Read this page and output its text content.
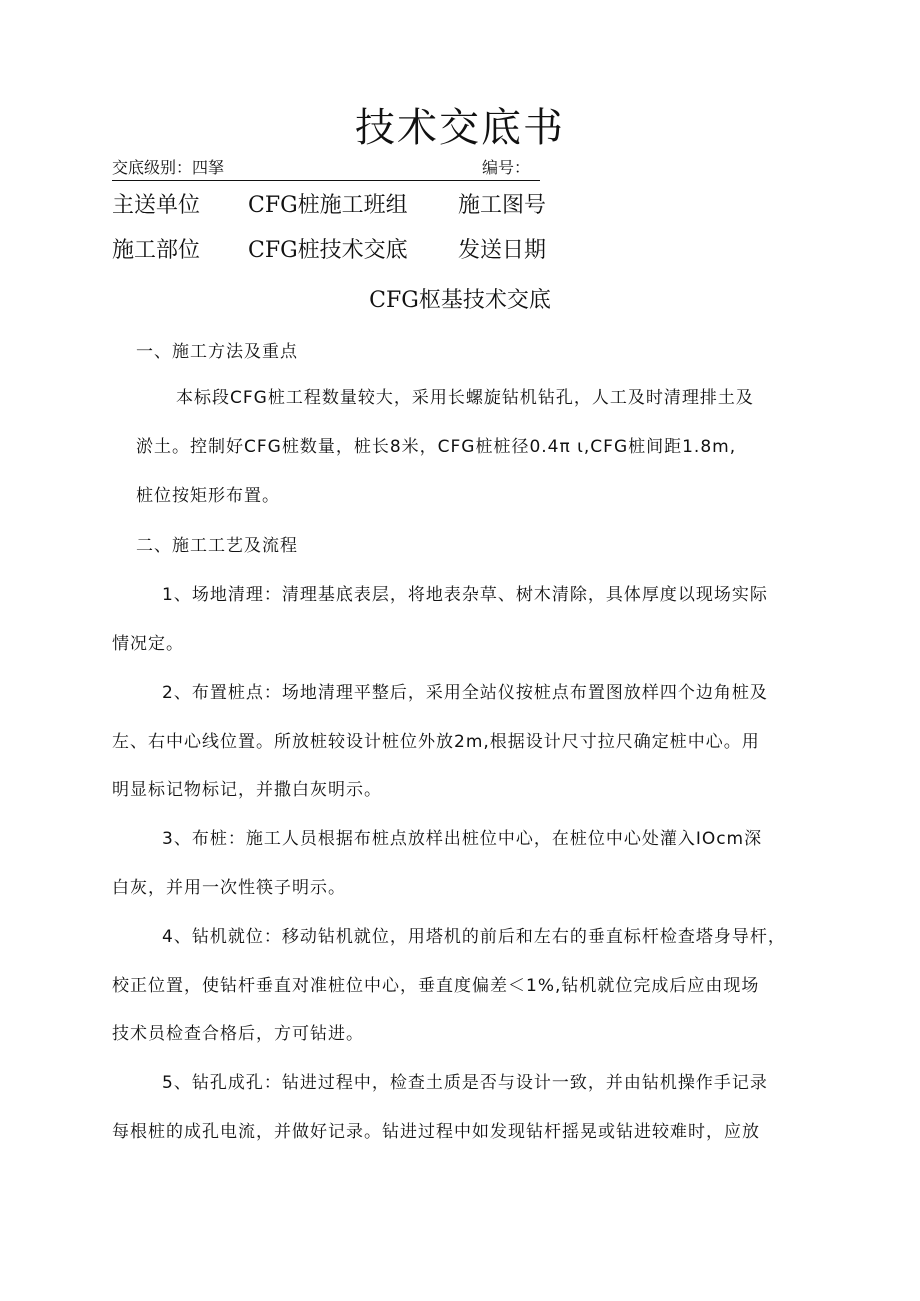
技术交底书
交底级别：四拏	编号：
主送单位 CFG桩施工班组 施工图号
施工部位 CFG桩技术交底 发送日期
CFG枢基技术交底
一、施工方法及重点
本标段CFG桩工程数量较大，采用长螺旋钻机钻孔，人工及时清理排土及
淤土。控制好CFG桩数量，桩长8米，CFG桩桩径0.4π ι,CFG桩间距1.8m,
桩位按矩形布置。
二、施工工艺及流程
1、场地清理：清理基底表层，将地表杂草、树木清除，具体厚度以现场实际
情况定。
2、布置桩点：场地清理平整后，采用全站仪按桩点布置图放样四个边角桩及
左、右中心线位置。所放桩较设计桩位外放2m,根据设计尺寸拉尺确定桩中心。用
明显标记物标记，并撒白灰明示。
3、布桩：施工人员根据布桩点放样出桩位中心，在桩位中心处灌入IOcm深
白灰，并用一次性筷子明示。
4、钻机就位：移动钻机就位，用塔机的前后和左右的垂直标杆检查塔身导杆，
校正位置，使钻杆垂直对准桩位中心，垂直度偏差＜1%,钻机就位完成后应由现场
技术员检查合格后，方可钻进。
5、钻孔成孔：钻进过程中，检查土质是否与设计一致，并由钻机操作手记录
每根桩的成孔电流，并做好记录。钻进过程中如发现钻杆摇晃或钻进较难时，应放
